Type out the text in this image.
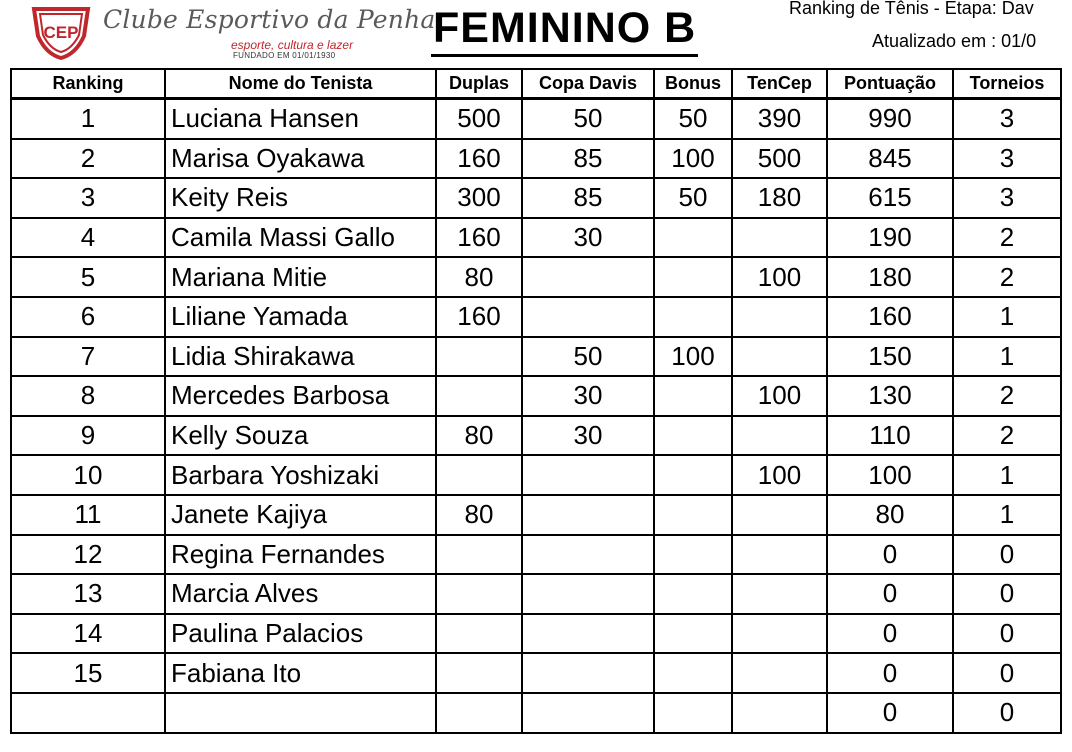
CEP Clube Esportivo da Penha
esporte, cultura e lazer
FUNDADO EM 01/01/1930
FEMININO B	Ranking de Tênis - Etapa: Dav
Atualizado em : 01/0
Ranking	Nome do Tenista	Duplas	Copa Davis	Bonus	TenCep	Pontuação	Torneios
1	Luciana Hansen	500	50	50	390	990	3
2	Marisa Oyakawa	160	85	100	500	845	3
3	Keity Reis	300	85	50	180	615	3
4	Camila Massi Gallo	160	30			190	2
5	Mariana Mitie	80			100	180	2
6	Liliane Yamada	160				160	1
7	Lidia Shirakawa		50	100		150	1
8	Mercedes Barbosa		30		100	130	2
9	Kelly Souza	80	30			110	2
10	Barbara Yoshizaki				100	100	1
11	Janete Kajiya	80				80	1
12	Regina Fernandes					0	0
13	Marcia Alves					0	0
14	Paulina Palacios					0	0
15	Fabiana Ito					0	0
						0	0
